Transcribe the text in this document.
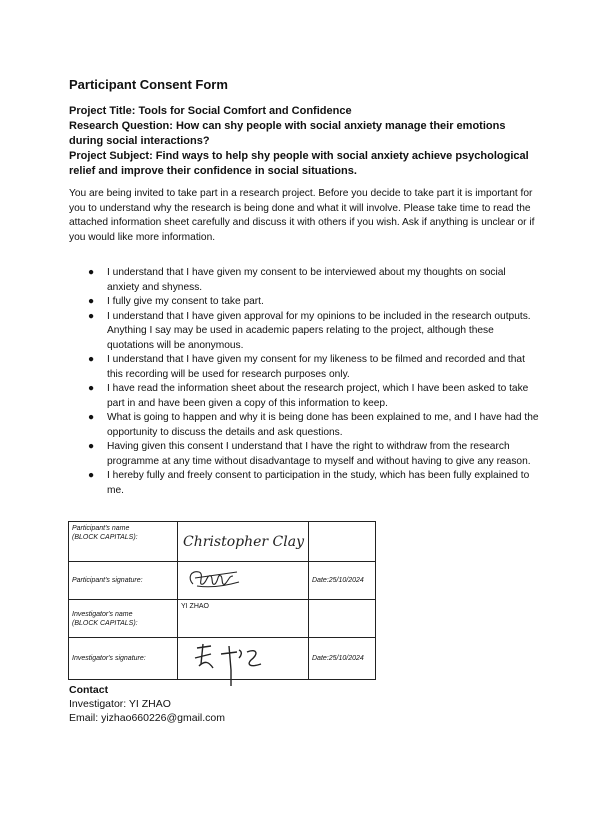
Participant Consent Form
Project Title: Tools for Social Comfort and Confidence
Research Question: How can shy people with social anxiety manage their emotions during social interactions?
Project Subject: Find ways to help shy people with social anxiety achieve psychological relief and improve their confidence in social situations.
You are being invited to take part in a research project. Before you decide to take part it is important for you to understand why the research is being done and what it will involve. Please take time to read the attached information sheet carefully and discuss it with others if you wish. Ask if anything is unclear or if you would like more information.
● I understand that I have given my consent to be interviewed about my thoughts on social anxiety and shyness.
● I fully give my consent to take part.
● I understand that I have given approval for my opinions to be included in the research outputs. Anything I say may be used in academic papers relating to the project, although these quotations will be anonymous.
● I understand that I have given my consent for my likeness to be filmed and recorded and that this recording will be used for research purposes only.
● I have read the information sheet about the research project, which I have been asked to take part in and have been given a copy of this information to keep.
● What is going to happen and why it is being done has been explained to me, and I have had the opportunity to discuss the details and ask questions.
● Having given this consent I understand that I have the right to withdraw from the research programme at any time without disadvantage to myself and without having to give any reason.
● I hereby fully and freely consent to participation in the study, which has been fully explained to me.
Participant's name
(BLOCK CAPITALS):	Christopher Clay	

Participant's signature:		Date:25/10/2024

Investigator's name
(BLOCK CAPITALS):	YI ZHAO	
Investigator's signature:		Date:25/10/2024
Contact
Investigator: YI ZHAO
Email: yizhao660226@gmail.com
